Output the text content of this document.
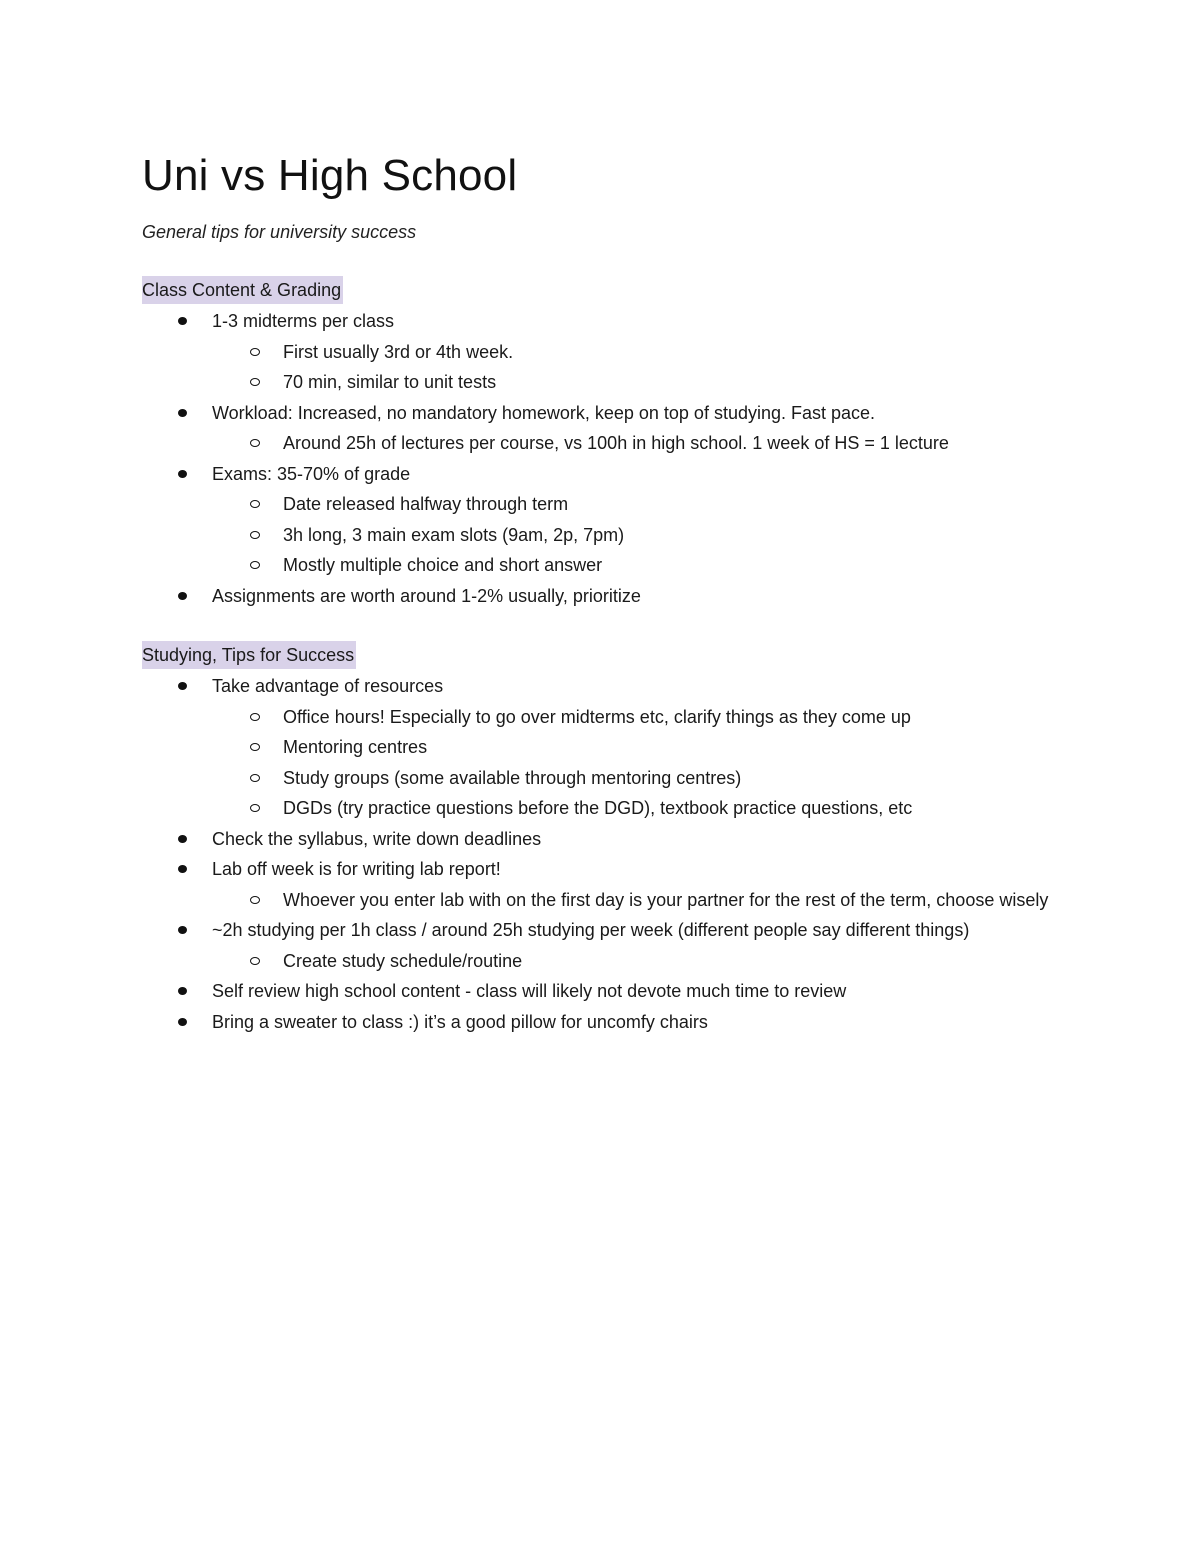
Uni vs High School
General tips for university success
Class Content & Grading
1-3 midterms per class
First usually 3rd or 4th week.
70 min, similar to unit tests
Workload: Increased, no mandatory homework, keep on top of studying. Fast pace.
Around 25h of lectures per course, vs 100h in high school. 1 week of HS = 1 lecture
Exams: 35-70% of grade
Date released halfway through term
3h long, 3 main exam slots (9am, 2p, 7pm)
Mostly multiple choice and short answer
Assignments are worth around 1-2% usually, prioritize
Studying, Tips for Success
Take advantage of resources
Office hours! Especially to go over midterms etc, clarify things as they come up
Mentoring centres
Study groups (some available through mentoring centres)
DGDs (try practice questions before the DGD), textbook practice questions, etc
Check the syllabus, write down deadlines
Lab off week is for writing lab report!
Whoever you enter lab with on the first day is your partner for the rest of the term, choose wisely
~2h studying per 1h class / around 25h studying per week (different people say different things)
Create study schedule/routine
Self review high school content - class will likely not devote much time to review
Bring a sweater to class :) it’s a good pillow for uncomfy chairs
